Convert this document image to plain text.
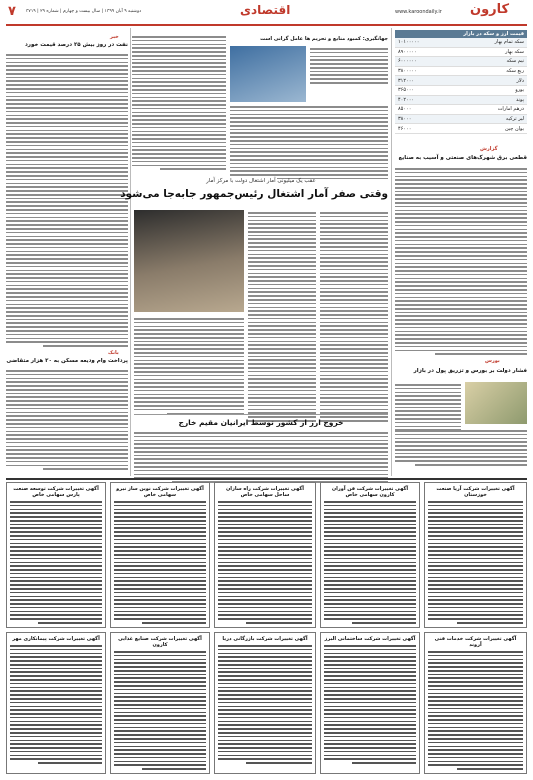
۷ دوشنبه ۹ آبان ۱۳۹۹ | سال بیست و چهارم | شماره ۲۹ | ۳۷۱۹	اقتصادی	www.karoondaily.ir کارون
قیمت ارز و سکه در بازار
۱۰۱۰۰۰۰۰	سکه تمام بهار
۸۹۰۰۰۰۰	سکه بهار
۶۰۰۰۰۰۰	نیم سکه
۳۸۰۰۰۰۰	ربع سکه
۳۱۲۰۰۰	دلار
۳۶۵۰۰۰	یورو
۴۰۲۰۰۰	پوند
۸۵۰۰۰	درهم امارات
۳۸۰۰۰	لیر ترکیه
۴۶۰۰۰	یوان چین
گزارش
قطعی برق شهرک‌های صنعتی و آسیب به صنایع
بورس
فشار دولت بر بورس و تزریق پول در بازار
جهانگیری: کمبود منابع و تحریم ها عامل گرانی است
خبر
نفت در روز بیش ۲۵ درصد قیمت خورد
بانک
پرداخت وام ودیعه مسکن به ۲۰ هزار متقاضی
عقب یک میلیونی آمار اشتغال دولت با مرکز آمار
وقتی صفر آمار اشتغال رئیس‌جمهور جابه‌جا می‌شود
خروج ارز از کشور توسط ایرانیان مقیم خارج
آگهی تغییرات شرکت توسعه صنعت پارس سهامی خاص
آگهی تغییرات شرکت نوین ساز نیرو سهامی خاص
آگهی تغییرات شرکت راه سازان ساحل سهامی خاص
آگهی تغییرات شرکت فن آوران کارون سهامی خاص
آگهی تغییرات شرکت آریا صنعت خوزستان
آگهی تغییرات شرکت پیمانکاری مهر	آگهی تغییرات شرکت صنایع غذایی کارون
آگهی تغییرات شرکت بازرگانی دریا	آگهی تغییرات شرکت ساختمانی البرز	آگهی تغییرات شرکت خدمات فنی آروند
